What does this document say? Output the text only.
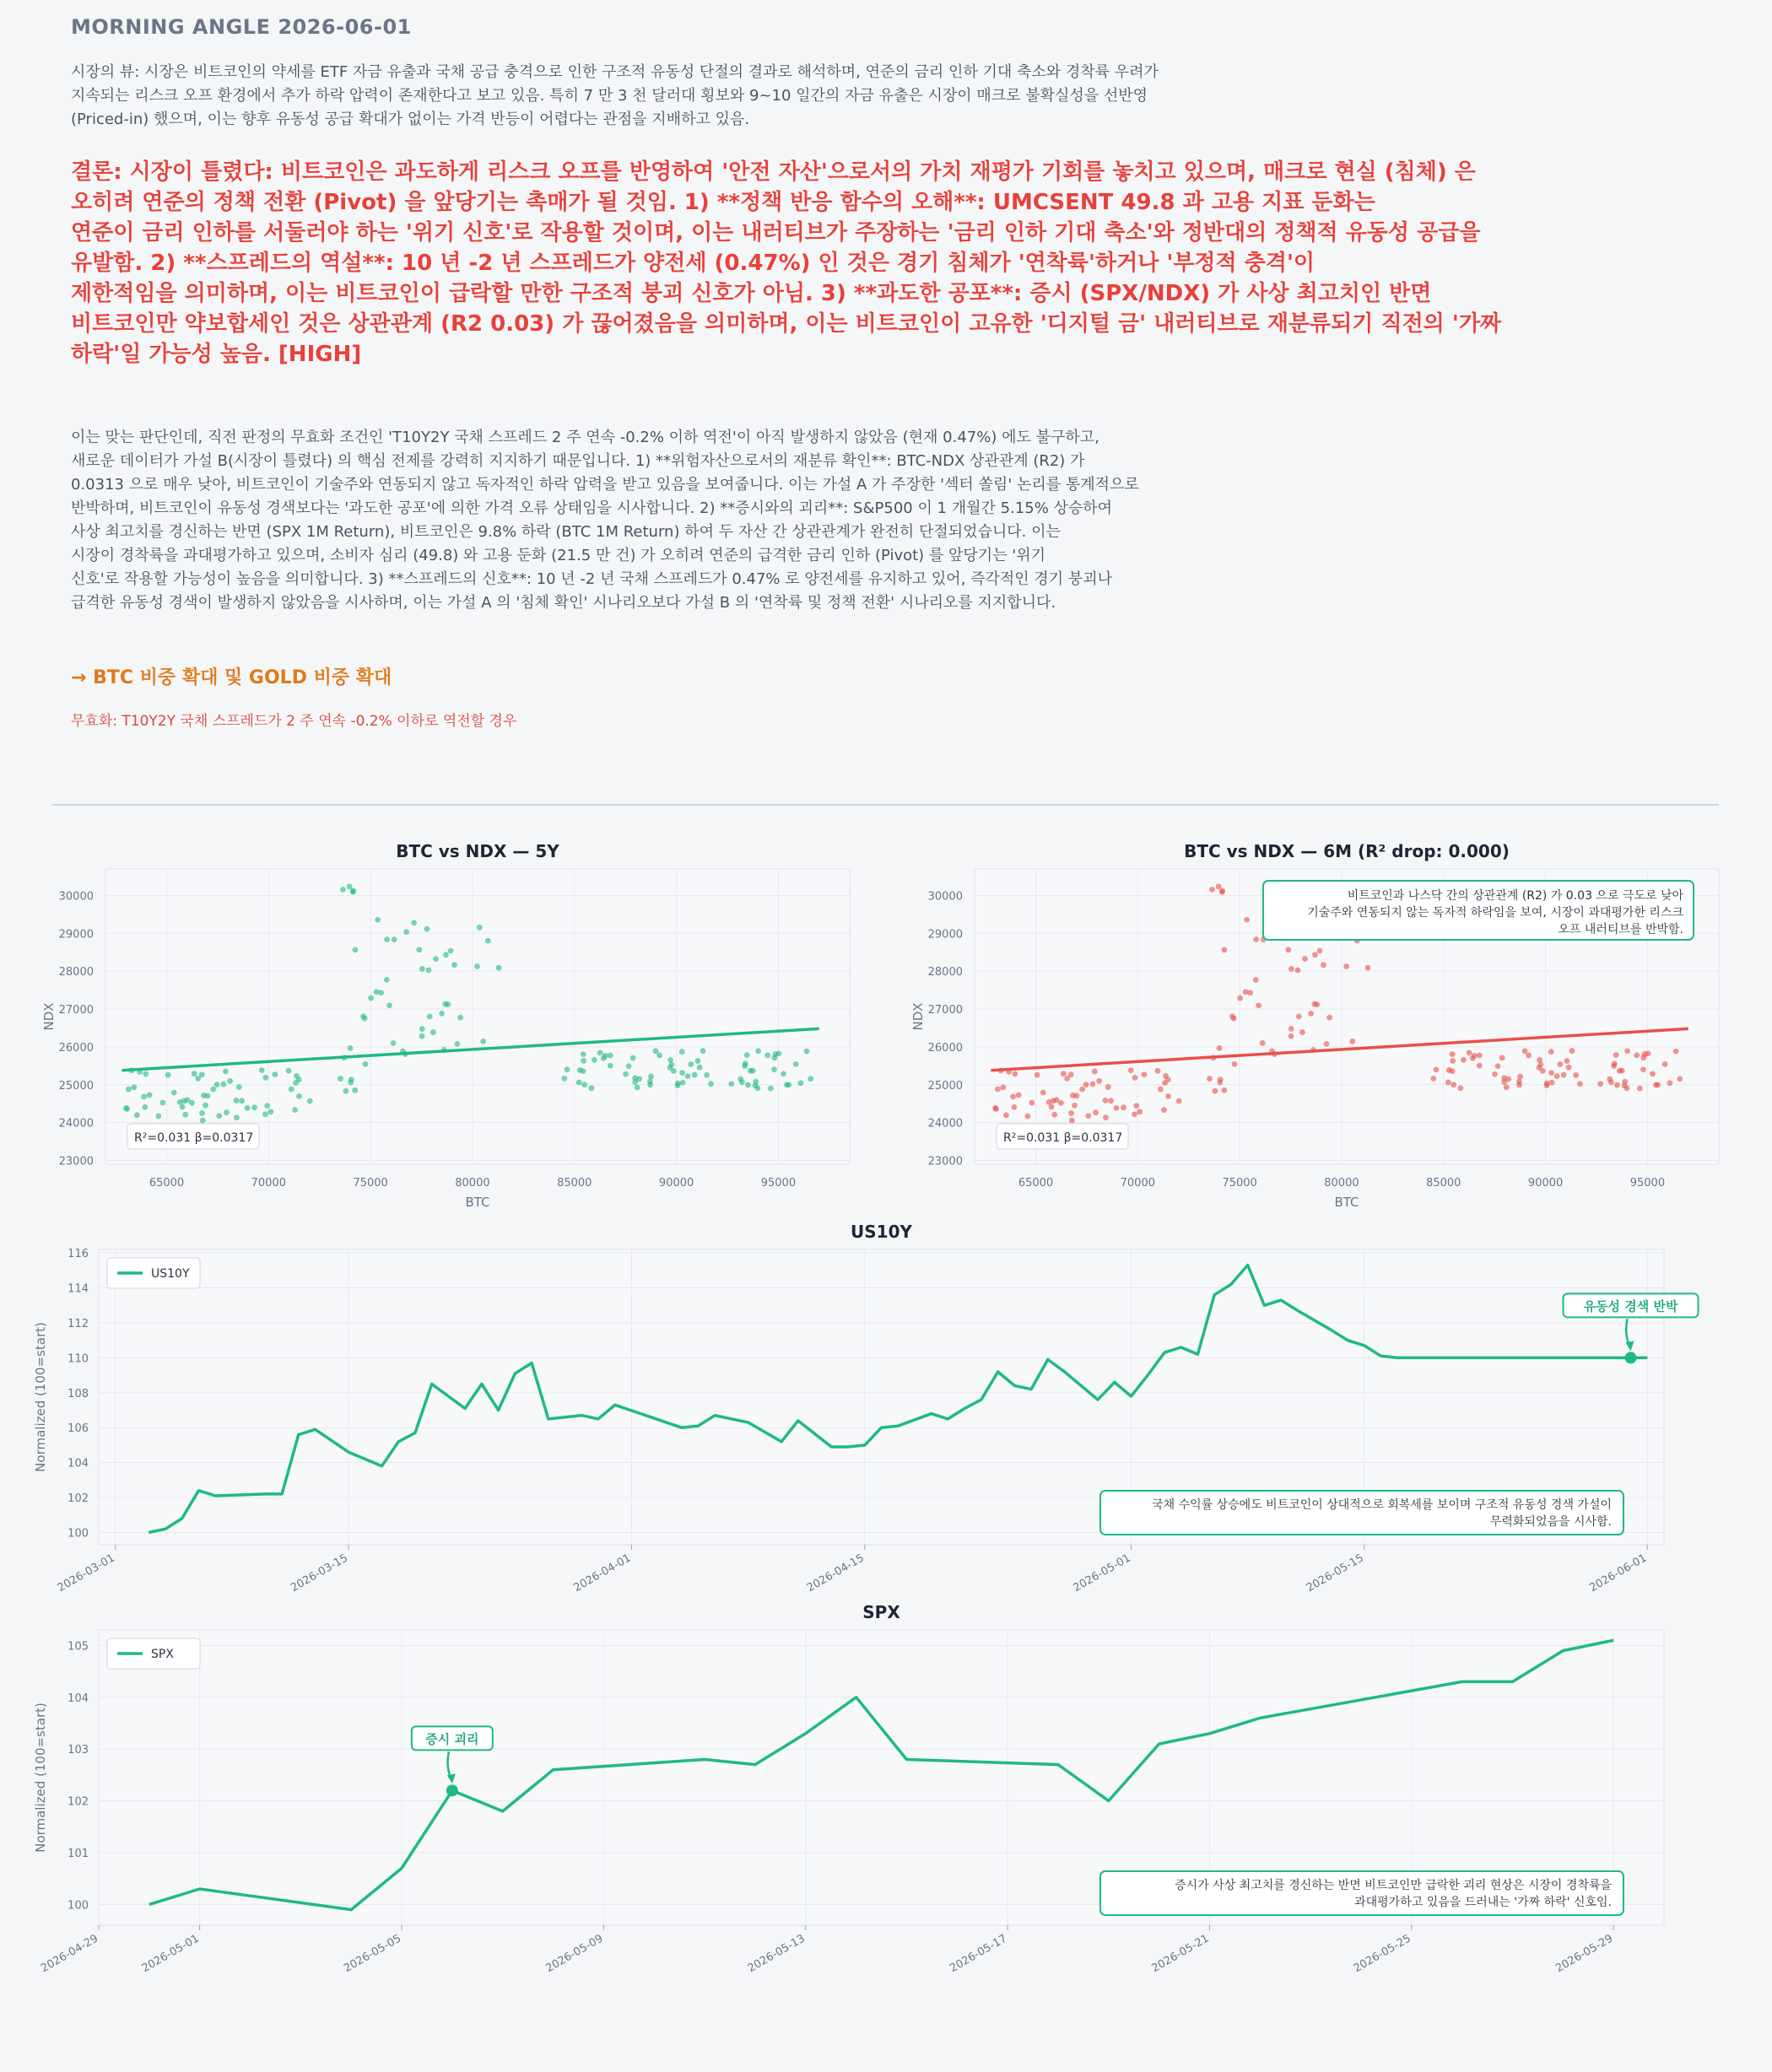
MORNING ANGLE 2026-06-01
시장의 뷰: 시장은 비트코인의 약세를 ETF 자금 유출과 국채 공급 충격으로 인한 구조적 유동성 단절의 결과로 해석하며, 연준의 금리 인하 기대 축소와 경착륙 우려가
지속되는 리스크 오프 환경에서 추가 하락 압력이 존재한다고 보고 있음. 특히 7 만 3 천 달러대 횡보와 9~10 일간의 자금 유출은 시장이 매크로 불확실성을 선반영
(Priced-in) 했으며, 이는 향후 유동성 공급 확대가 없이는 가격 반등이 어렵다는 관점을 지배하고 있음.
결론: 시장이 틀렸다: 비트코인은 과도하게 리스크 오프를 반영하여 '안전 자산'으로서의 가치 재평가 기회를 놓치고 있으며, 매크로 현실 (침체) 은
오히려 연준의 정책 전환 (Pivot) 을 앞당기는 촉매가 될 것임. 1) **정책 반응 함수의 오해**: UMCSENT 49.8 과 고용 지표 둔화는
연준이 금리 인하를 서둘러야 하는 '위기 신호'로 작용할 것이며, 이는 내러티브가 주장하는 '금리 인하 기대 축소'와 정반대의 정책적 유동성 공급을
유발함. 2) **스프레드의 역설**: 10 년 -2 년 스프레드가 양전세 (0.47%) 인 것은 경기 침체가 '연착륙'하거나 '부정적 충격'이
제한적임을 의미하며, 이는 비트코인이 급락할 만한 구조적 붕괴 신호가 아님. 3) **과도한 공포**: 증시 (SPX/NDX) 가 사상 최고치인 반면
비트코인만 약보합세인 것은 상관관계 (R2 0.03) 가 끊어졌음을 의미하며, 이는 비트코인이 고유한 '디지털 금' 내러티브로 재분류되기 직전의 '가짜
하락'일 가능성 높음. [HIGH]
이는 맞는 판단인데, 직전 판정의 무효화 조건인 'T10Y2Y 국채 스프레드 2 주 연속 -0.2% 이하 역전'이 아직 발생하지 않았음 (현재 0.47%) 에도 불구하고,
새로운 데이터가 가설 B(시장이 틀렸다) 의 핵심 전제를 강력히 지지하기 때문입니다. 1) **위험자산으로서의 재분류 확인**: BTC-NDX 상관관계 (R2) 가
0.0313 으로 매우 낮아, 비트코인이 기술주와 연동되지 않고 독자적인 하락 압력을 받고 있음을 보여줍니다. 이는 가설 A 가 주장한 '섹터 쏠림' 논리를 통계적으로
반박하며, 비트코인이 유동성 경색보다는 '과도한 공포'에 의한 가격 오류 상태임을 시사합니다. 2) **증시와의 괴리**: S&P500 이 1 개월간 5.15% 상승하여
사상 최고치를 경신하는 반면 (SPX 1M Return), 비트코인은 9.8% 하락 (BTC 1M Return) 하여 두 자산 간 상관관계가 완전히 단절되었습니다. 이는
시장이 경착륙을 과대평가하고 있으며, 소비자 심리 (49.8) 와 고용 둔화 (21.5 만 건) 가 오히려 연준의 급격한 금리 인하 (Pivot) 를 앞당기는 '위기
신호'로 작용할 가능성이 높음을 의미합니다. 3) **스프레드의 신호**: 10 년 -2 년 국채 스프레드가 0.47% 로 양전세를 유지하고 있어, 즉각적인 경기 붕괴나
급격한 유동성 경색이 발생하지 않았음을 시사하며, 이는 가설 A 의 '침체 확인' 시나리오보다 가설 B 의 '연착륙 및 정책 전환' 시나리오를 지지합니다.
→ BTC 비중 확대 및 GOLD 비중 확대
무효화: T10Y2Y 국채 스프레드가 2 주 연속 -0.2% 이하로 역전할 경우
65000	70000	75000	80000	85000	90000	95000
23000
24000
25000
26000
27000
28000
29000
30000
BTC vs NDX — 5Y
BTC
NDX
R²=0.031 β=0.0317
65000	70000	75000	80000	85000	90000	95000
23000
24000
25000
26000
27000
28000
29000
30000
BTC vs NDX — 6M (R² drop: 0.000)
BTC
NDX
R²=0.031 β=0.0317
비트코인과 나스닥 간의 상관관계 (R2) 가 0.03 으로 극도로 낮아
기술주와 연동되지 않는 독자적 하락임을 보여, 시장이 과대평가한 리스크
오프 내러티브를 반박함.
100
102
104
106
108
110
112
114
116
2026-03-01	2026-03-15	2026-04-01	2026-04-15	2026-05-01	2026-05-15	2026-06-01
US10Y
Normalized (100=start)
US10Y
유동성 경색 반박
국채 수익률 상승에도 비트코인이 상대적으로 회복세를 보이며 구조적 유동성 경색 가설이
무력화되었음을 시사함.
100
101
102
103
104
105
2026-04-29	2026-05-01	2026-05-05	2026-05-09	2026-05-13	2026-05-17	2026-05-21	2026-05-25	2026-05-29
SPX
Normalized (100=start)
SPX
증시 괴리
증시가 사상 최고치를 경신하는 반면 비트코인만 급락한 괴리 현상은 시장이 경착륙을
과대평가하고 있음을 드러내는 '가짜 하락' 신호임.
